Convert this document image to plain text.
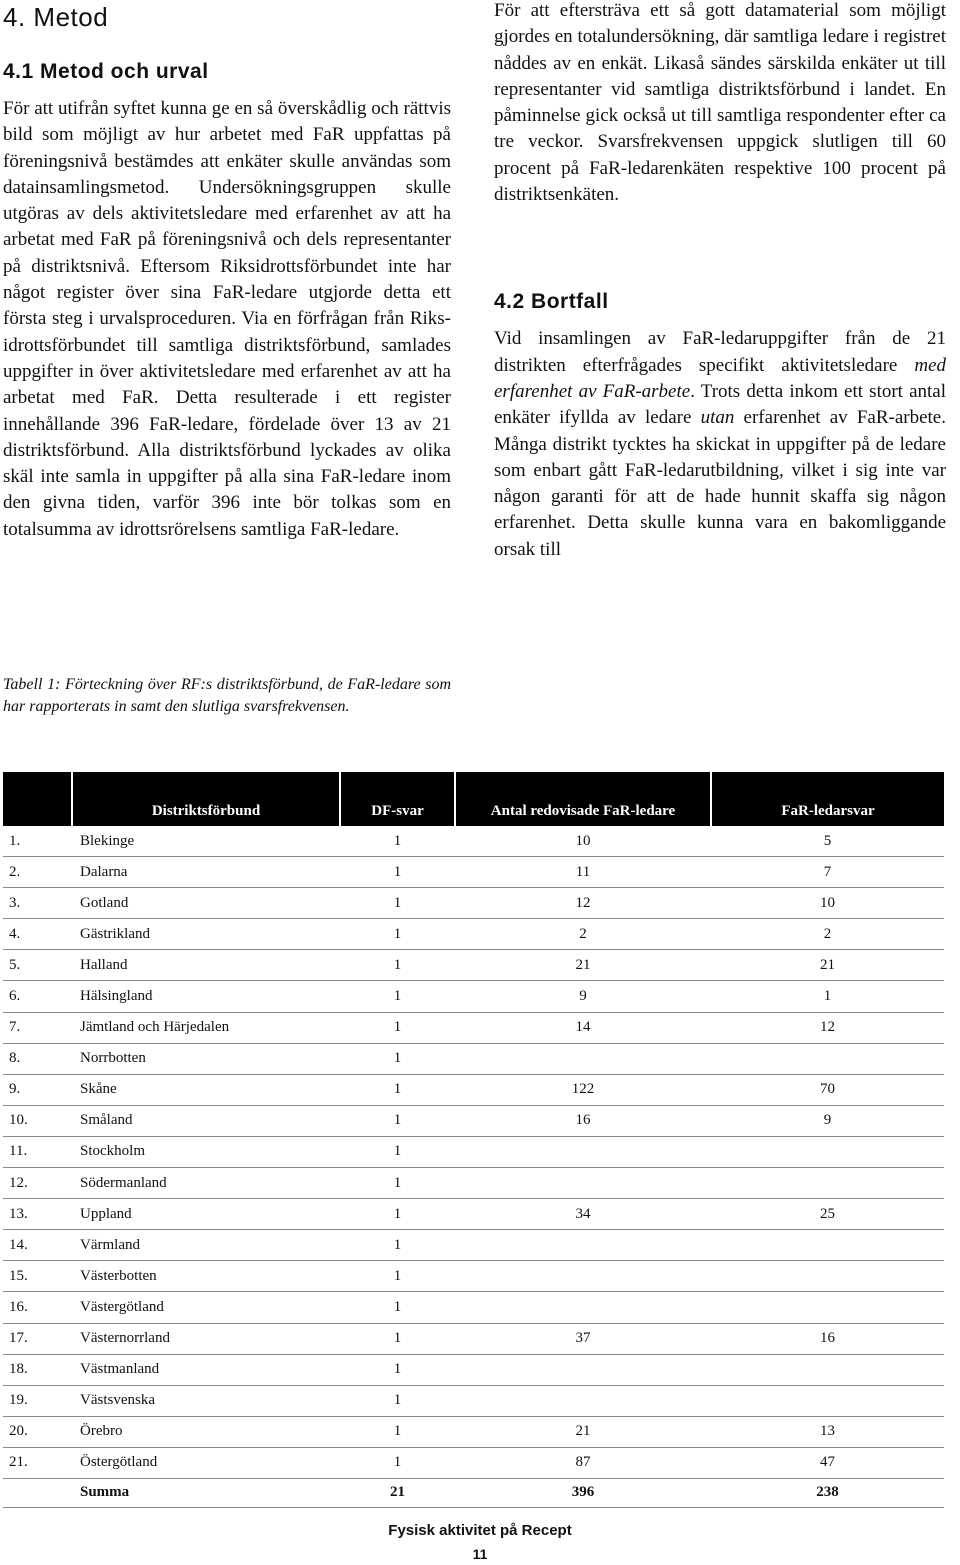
4. Metod
4.1 Metod och urval

För att utifrån syftet kunna ge en så överskådlig och rättvis bild som möjligt av hur arbetet med FaR uppfattas på föreningsnivå bestämdes att enkäter skulle användas som datainsamlingsmetod. Undersökningsgruppen skulle utgöras av dels aktivitetsledare med erfarenhet av att ha arbetat med FaR på föreningsnivå och dels representanter på distriktsnivå. Eftersom Riksidrottsförbundet inte har något register över sina FaR-ledare utgjorde detta ett första steg i urvalsproceduren. Via en förfrågan från Riksidrottsförbundet till samtliga distriktsförbund, samlades uppgifter in över aktivitetsledare med erfarenhet av att ha arbetat med FaR. Detta resulterade i ett register innehållande 396 FaR-ledare, fördelade över 13 av 21 distriktsförbund. Alla distriktsförbund lyckades av olika skäl inte samla in uppgifter på alla sina FaR-ledare inom den givna tiden, varför 396 inte bör tolkas som en totalsumma av idrottsrörelsens samtliga FaR-ledare.

För att eftersträva ett så gott datamaterial som möjligt gjordes en totalundersökning, där samtliga ledare i registret nåddes av en enkät. Likaså sändes särskilda enkäter ut till representanter vid samtliga distriktsförbund i landet. En påminnelse gick också ut till samtliga respondenter efter ca tre veckor. Svarsfrekvensen uppgick slutligen till 60 procent på FaR-ledarenkäten respektive 100 procent på distriktsenkäten.

4.2 Bortfall

Vid insamlingen av FaR-ledaruppgifter från de 21 distrikten efterfrågades specifikt aktivitetsledare med erfarenhet av FaR-arbete. Trots detta inkom ett stort antal enkäter ifyllda av ledare utan erfarenhet av FaR-arbete. Många distrikt tycktes ha skickat in uppgifter på de ledare som enbart gått FaR-ledarutbildning, vilket i sig inte var någon garanti för att de hade hunnit skaffa sig någon erfarenhet. Detta skulle kunna vara en bakomliggande orsak till

Tabell 1: Förteckning över RF:s distriktsförbund, de FaR-ledare som har rapporterats in samt den slutliga svarsfrekvensen.

	Distriktsförbund	DF-svar	Antal redovisade FaR-ledare	FaR-ledarsvar
1.	Blekinge	1	10	5
2.	Dalarna	1	11	7
3.	Gotland	1	12	10
4.	Gästrikland	1	2	2
5.	Halland	1	21	21
6.	Hälsingland	1	9	1
7.	Jämtland och Härjedalen	1	14	12
8.	Norrbotten	1		
9.	Skåne	1	122	70
10.	Småland	1	16	9
11.	Stockholm	1		
12.	Södermanland	1		
13.	Uppland	1	34	25
14.	Värmland	1		
15.	Västerbotten	1		
16.	Västergötland	1		
17.	Västernorrland	1	37	16
18.	Västmanland	1		
19.	Västsvenska	1		
20.	Örebro	1	21	13
21.	Östergötland	1	87	47
	Summa	21	396	238

Fysisk aktivitet på Recept

11
